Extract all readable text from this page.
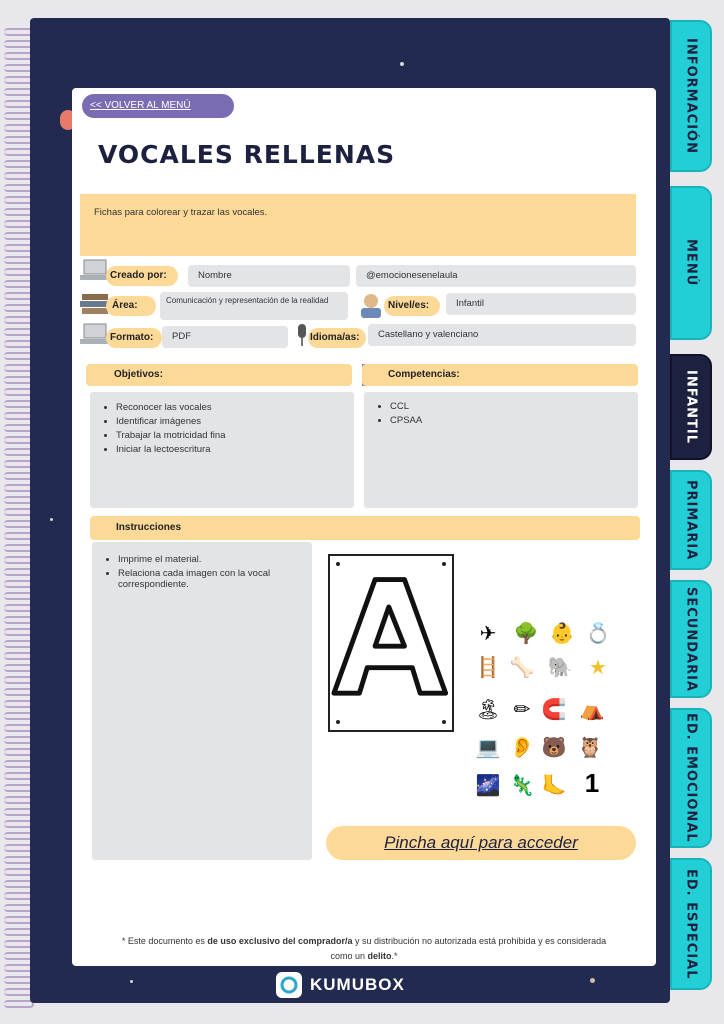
INFORMACIÓN
MENÚ
INFANTIL
PRIMARIA
SECUNDARIA
ED. EMOCIONAL
ED. ESPECIAL
<< VOLVER AL MENÚ
VOCALES RELLENAS
Fichas para colorear y trazar las vocales.
Creado por:	Nombre	@emocionesenelaula
Área:	Comunicación y representación de la realidad	Nivel/es:	Infantil
Formato:	PDF	Idioma/as:	Castellano y valenciano
Objetivos:	Competencias:
• Reconocer las vocales
• Identificar imágenes
• Trabajar la motricidad fina
• Iniciar la lectoescritura
• CCL
• CPSAA
Instrucciones
• Imprime el material.
• Relaciona cada imagen con la vocal correspondiente.
✈ 🌳 👶 💍
🪜 🦴 🐘 ★
🏝 ✏ 🧲 ⛺
💻 👂 🐻 🦉
🌌 🦎 🦶 1
Pincha aquí para acceder
* Este documento es de uso exclusivo del comprador/a y su distribución no autorizada está prohibida y es considerada como un delito.*
KUMUBOX
